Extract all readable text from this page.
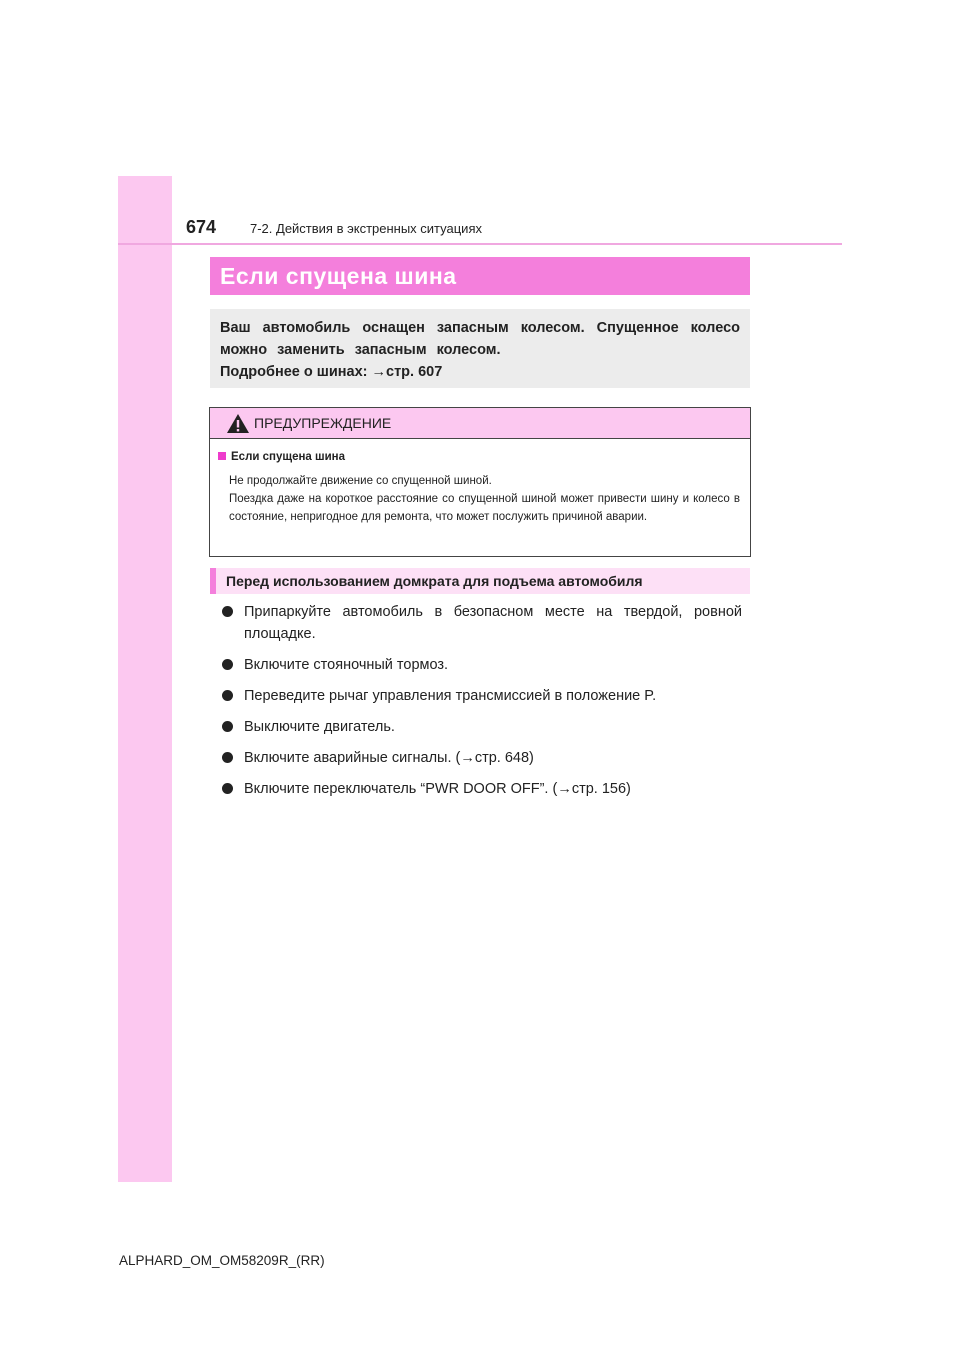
674	7-2. Действия в экстренных ситуациях
Если спущена шина
Ваш автомобиль оснащен запасным колесом. Спущенное колесо можно заменить запасным колесом.
Подробнее о шинах: →стр. 607
ПРЕДУПРЕЖДЕНИЕ
Если спущена шина

Не продолжайте движение со спущенной шиной.

Поездка даже на короткое расстояние со спущенной шиной может привести шину и колесо в состояние, непригодное для ремонта, что может послужить причиной аварии.

Перед использованием домкрата для подъема автомобиля
Припаркуйте автомобиль в безопасном месте на твердой, ровной площадке.
Включите стояночный тормоз.
Переведите рычаг управления трансмиссией в положение P.
Выключите двигатель.
Включите аварийные сигналы. (→стр. 648)
Включите переключатель “PWR DOOR OFF”. (→стр. 156)
ALPHARD_OM_OM58209R_(RR)
